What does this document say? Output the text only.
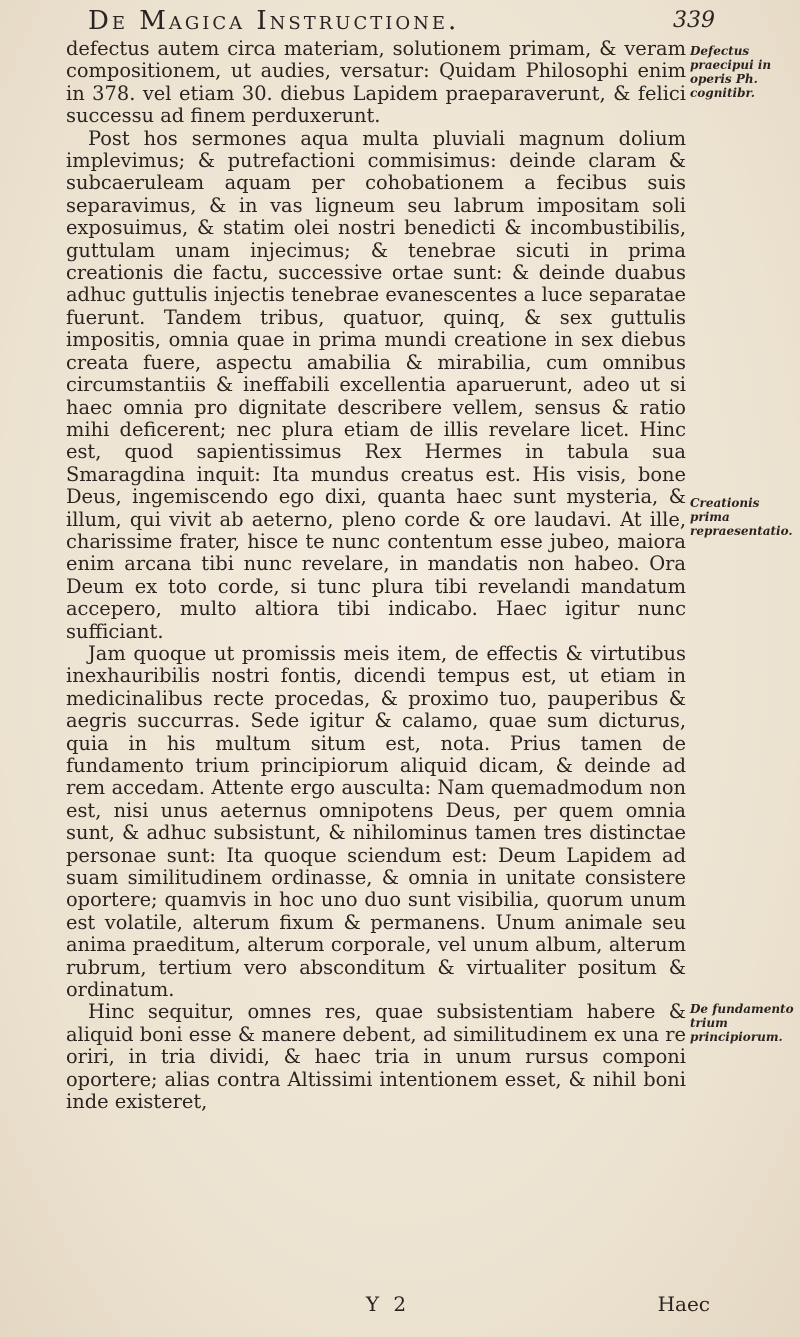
De Magica Instructione.	339

defectus autem circa materiam, solutionem primam, & veram compositionem, ut audies, versatur: Quidam Philosophi enim in 378. vel etiam 30. diebus Lapidem praeparaverunt, & felici successu ad finem perduxerunt.

Post hos sermones aqua multa pluviali magnum dolium implevimus; & putrefactioni commisimus: deinde claram & subcaeruleam aquam per cohobationem a fecibus suis separavimus, & in vas ligneum seu labrum impositam soli exposuimus, & statim olei nostri benedicti & incombustibilis, guttulam unam injecimus; & tenebrae sicuti in prima creationis die factu, successive ortae sunt: & deinde duabus adhuc guttulis injectis tenebrae evanescentes a luce separatae fuerunt. Tandem tribus, quatuor, quinq, & sex guttulis impositis, omnia quae in prima mundi creatione in sex diebus creata fuere, aspectu amabilia & mirabilia, cum omnibus circumstantiis & ineffabili excellentia aparuerunt, adeo ut si haec omnia pro dignitate describere vellem, sensus & ratio mihi deficerent; nec plura etiam de illis revelare licet. Hinc est, quod sapientissimus Rex Hermes in tabula sua Smaragdina inquit: Ita mundus creatus est. His visis, bone Deus, ingemiscendo ego dixi, quanta haec sunt mysteria, & illum, qui vivit ab aeterno, pleno corde & ore laudavi. At ille, charissime frater, hisce te nunc contentum esse jubeo, maiora enim arcana tibi nunc revelare, in mandatis non habeo. Ora Deum ex toto corde, si tunc plura tibi revelandi mandatum accepero, multo altiora tibi indicabo. Haec igitur nunc sufficiant.

Jam quoque ut promissis meis item, de effectis & virtutibus inexhauribilis nostri fontis, dicendi tempus est, ut etiam in medicinalibus recte procedas, & proximo tuo, pauperibus & aegris succurras. Sede igitur & calamo, quae sum dicturus, quia in his multum situm est, nota. Prius tamen de fundamento trium principiorum aliquid dicam, & deinde ad rem accedam. Attente ergo ausculta: Nam quemadmodum non est, nisi unus aeternus omnipotens Deus, per quem omnia sunt, & adhuc subsistunt, & nihilominus tamen tres distinctae personae sunt: Ita quoque sciendum est: Deum Lapidem ad suam similitudinem ordinasse, & omnia in unitate consistere oportere; quamvis in hoc uno duo sunt visibilia, quorum unum est volatile, alterum fixum & permanens. Unum animale seu anima praeditum, alterum corporale, vel unum album, alterum rubrum, tertium vero absconditum & virtualiter positum & ordinatum.

Hinc sequitur, omnes res, quae subsistentiam habere & aliquid boni esse & manere debent, ad similitudinem ex una re oriri, in tria dividi, & haec tria in unum rursus componi oportere; alias contra Altissimi intentionem esset, & nihil boni inde existeret,

Defectus praecipui in operis Ph. cognitibr.
Creationis prima repraesentatio.
De fundamento trium principiorum.
Y 2	Haec
